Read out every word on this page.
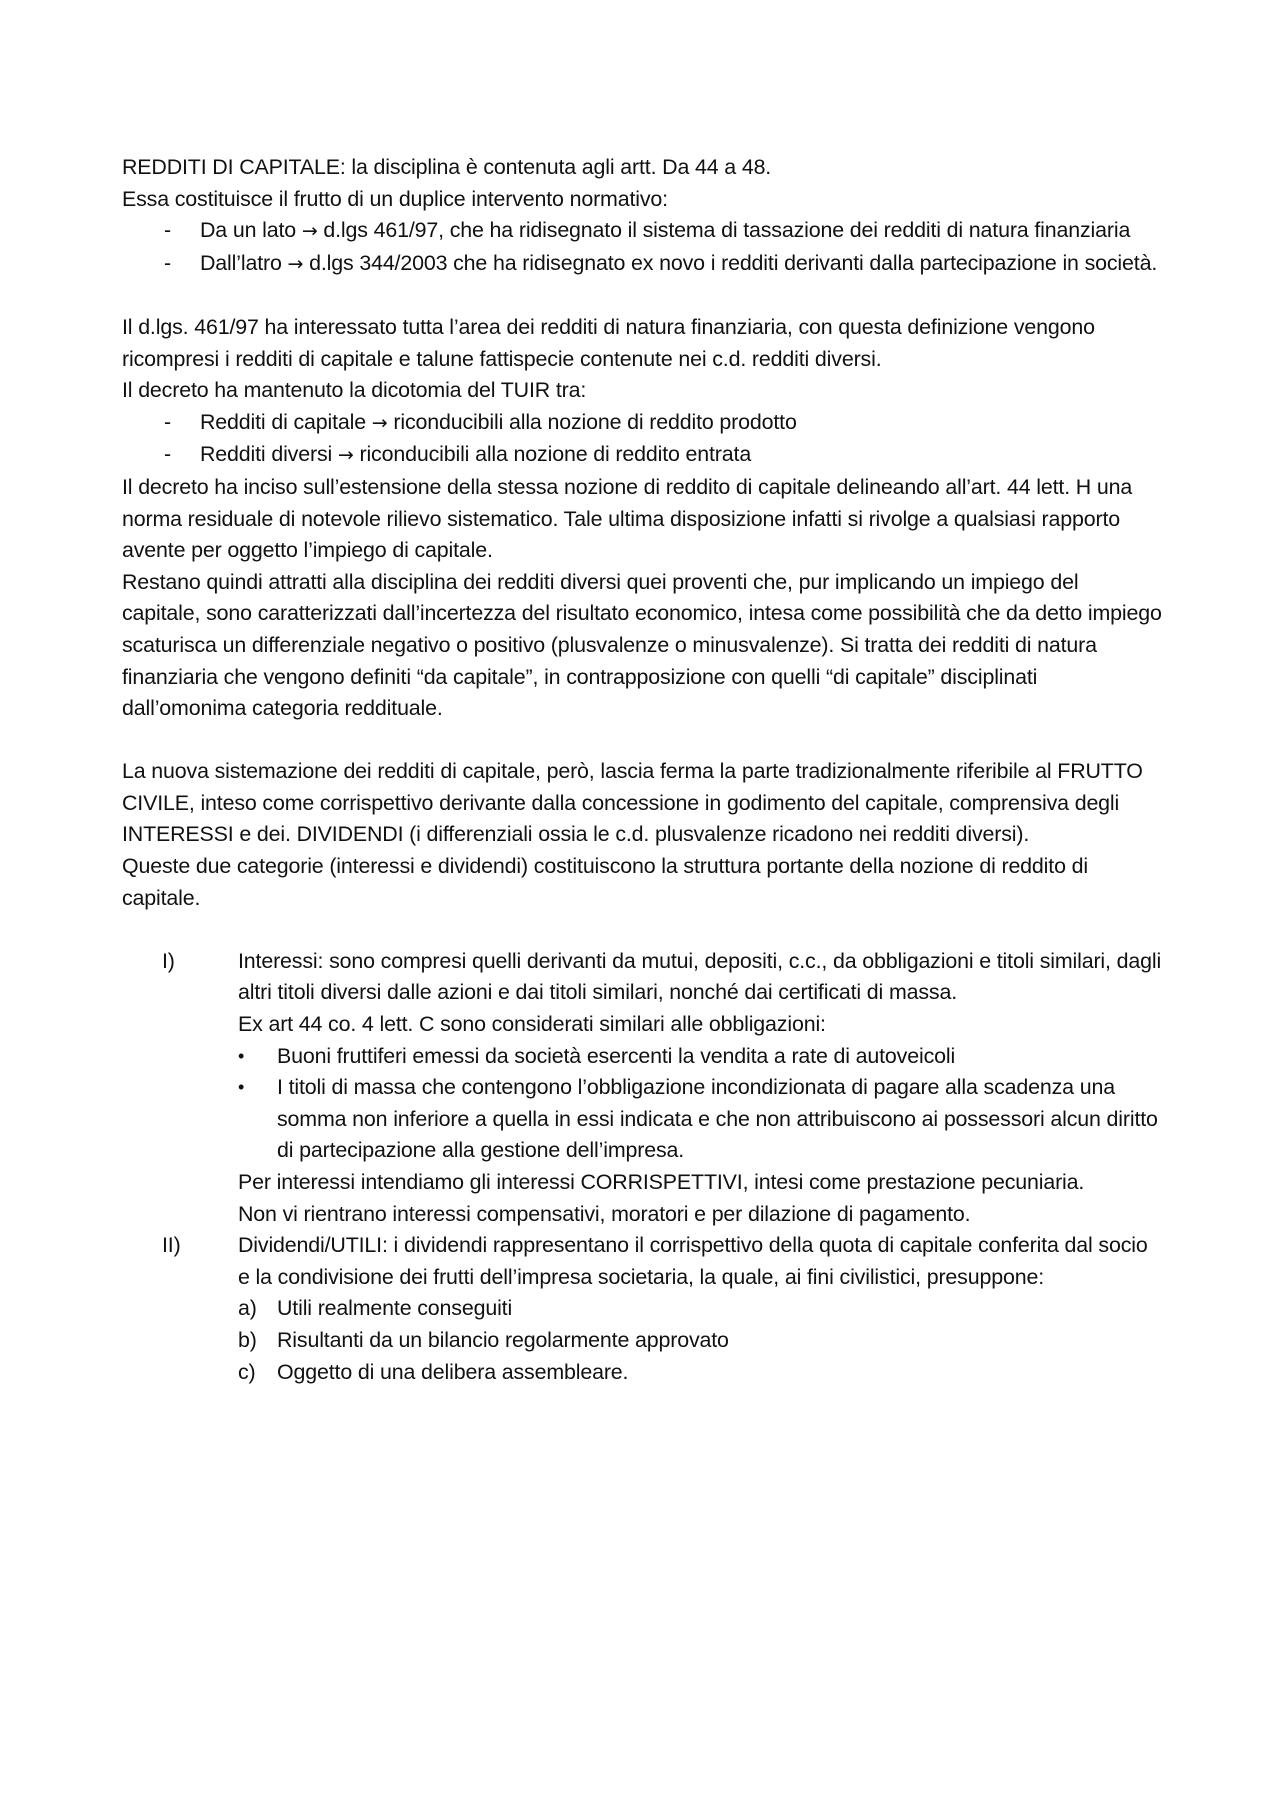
REDDITI DI CAPITALE: la disciplina è contenuta agli artt. Da 44 a 48.

Essa costituisce il frutto di un duplice intervento normativo:

- Da un lato → d.lgs 461/97, che ha ridisegnato il sistema di tassazione dei redditi di natura finanziaria
- Dall’latro → d.lgs 344/2003 che ha ridisegnato ex novo i redditi derivanti dalla partecipazione in società.

Il d.lgs. 461/97 ha interessato tutta l’area dei redditi di natura finanziaria, con questa definizione vengono ricompresi i redditi di capitale e talune fattispecie contenute nei c.d. redditi diversi.

Il decreto ha mantenuto la dicotomia del TUIR tra:

- Redditi di capitale → riconducibili alla nozione di reddito prodotto
- Redditi diversi → riconducibili alla nozione di reddito entrata

Il decreto ha inciso sull’estensione della stessa nozione di reddito di capitale delineando all’art. 44 lett. H una norma residuale di notevole rilievo sistematico. Tale ultima disposizione infatti si rivolge a qualsiasi rapporto avente per oggetto l’impiego di capitale.

Restano quindi attratti alla disciplina dei redditi diversi quei proventi che, pur implicando un impiego del capitale, sono caratterizzati dall’incertezza del risultato economico, intesa come possibilità che da detto impiego scaturisca un differenziale negativo o positivo (plusvalenze o minusvalenze). Si tratta dei redditi di natura finanziaria che vengono definiti “da capitale”, in contrapposizione con quelli “di capitale” disciplinati dall’omonima categoria reddituale.

La nuova sistemazione dei redditi di capitale, però, lascia ferma la parte tradizionalmente riferibile al FRUTTO CIVILE, inteso come corrispettivo derivante dalla concessione in godimento del capitale, comprensiva degli INTERESSI e dei. DIVIDENDI (i differenziali ossia le c.d. plusvalenze ricadono nei redditi diversi).

Queste due categorie (interessi e dividendi) costituiscono la struttura portante della nozione di reddito di capitale.

I)	Interessi: sono compresi quelli derivanti da mutui, depositi, c.c., da obbligazioni e titoli similari, dagli altri titoli diversi dalle azioni e dai titoli similari, nonché dai certificati di massa.

Ex art 44 co. 4 lett. C sono considerati similari alle obbligazioni:

• Buoni fruttiferi emessi da società esercenti la vendita a rate di autoveicoli
• I titoli di massa che contengono l’obbligazione incondizionata di pagare alla scadenza una somma non inferiore a quella in essi indicata e che non attribuiscono ai possessori alcun diritto di partecipazione alla gestione dell’impresa.

Per interessi intendiamo gli interessi CORRISPETTIVI, intesi come prestazione pecuniaria.

Non vi rientrano interessi compensativi, moratori e per dilazione di pagamento.

II)	Dividendi/UTILI: i dividendi rappresentano il corrispettivo della quota di capitale conferita dal socio e la condivisione dei frutti dell’impresa societaria, la quale, ai fini civilistici, presuppone:

a) Utili realmente conseguiti
b) Risultanti da un bilancio regolarmente approvato
c) Oggetto di una delibera assembleare.
